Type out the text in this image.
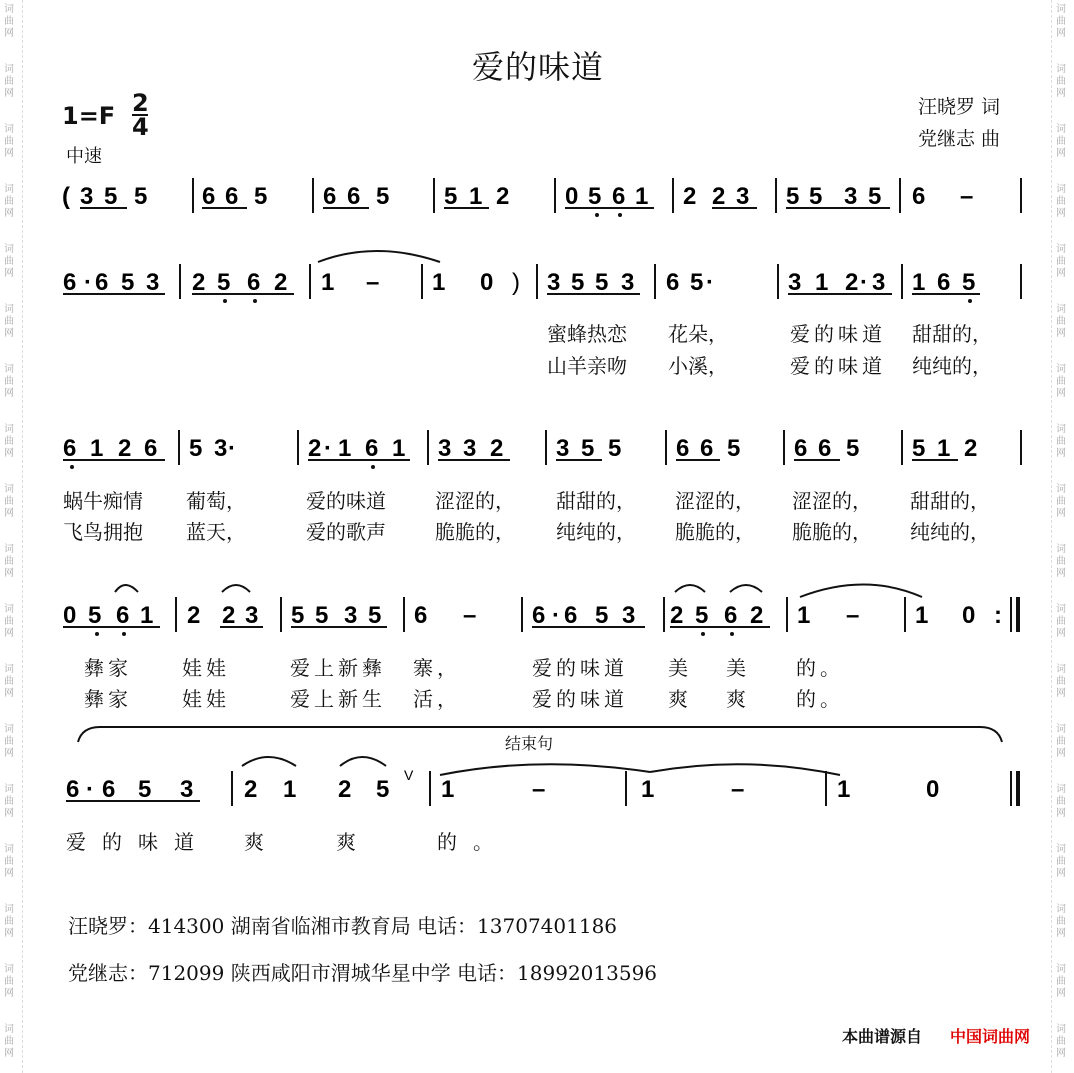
词
曲
网
词
曲
网
词
曲
网
词
曲
网
词
曲
网
词
曲
网
词
曲
网
词
曲
网
词
曲
网
词
曲
网
词
曲
网
词
曲
网
词
曲
网
词
曲
网
词
曲
网
词
曲
网
词
曲
网
词
曲
网
词
曲
网
词
曲
网
词
曲
网
词
曲
网
词
曲
网
词
曲
网
词
曲
网
词
曲
网
词
曲
网
词
曲
网
词
曲
网
词
曲
网
词
曲
网
词
曲
网
词
曲
网
词
曲
网
词
曲
网
词
曲
网
爱的味道
1=F 2
4
中速
汪晓罗 词
党继志 曲
( 3 5 5 6 6 5 6 6 5 5 1 2 0 5 6 1 2 2 3 5 5 3 5 6 –
6 · 6 5 3 2 5 6 2 1 – 1 0 ) 3 5 5 3 6 5 ·	3 1 2 · 3 1 6 5
6 1 2 6 5 3 ·	2 · 1 6 1 3 3 2 3 5 5 6 6 5 6 6 5 5 1 2
0 5 6 1 2 2 3 5 5 3 5 6 – 6 · 6 5 3 2 5 6 2 1 – 1 0 :
6 · 6 5 3 2 1 2 5
V
1	–	1	–	1	0
结束句
蜜蜂热恋 花朵，	爱的味道 甜甜的，
山羊亲吻 小溪，	爱的味道 纯纯的，
蜗牛痴情 葡萄，	爱的味道 涩涩的， 甜甜的， 涩涩的， 涩涩的， 甜甜的，
飞鸟拥抱 蓝天，	爱的歌声 脆脆的， 纯纯的， 脆脆的， 脆脆的， 纯纯的，
彝家	娃娃	爱上新彝 寨，	爱的味道 美 美 的。
彝家	娃娃	爱上新生 活，	爱的味道 爽 爽 的。
爱的味道 爽	爽	的。
汪晓罗：414300 湖南省临湘市教育局 电话：13707401186
党继志：712099 陕西咸阳市渭城华星中学 电话：18992013596
本曲谱源自 中国词曲网
